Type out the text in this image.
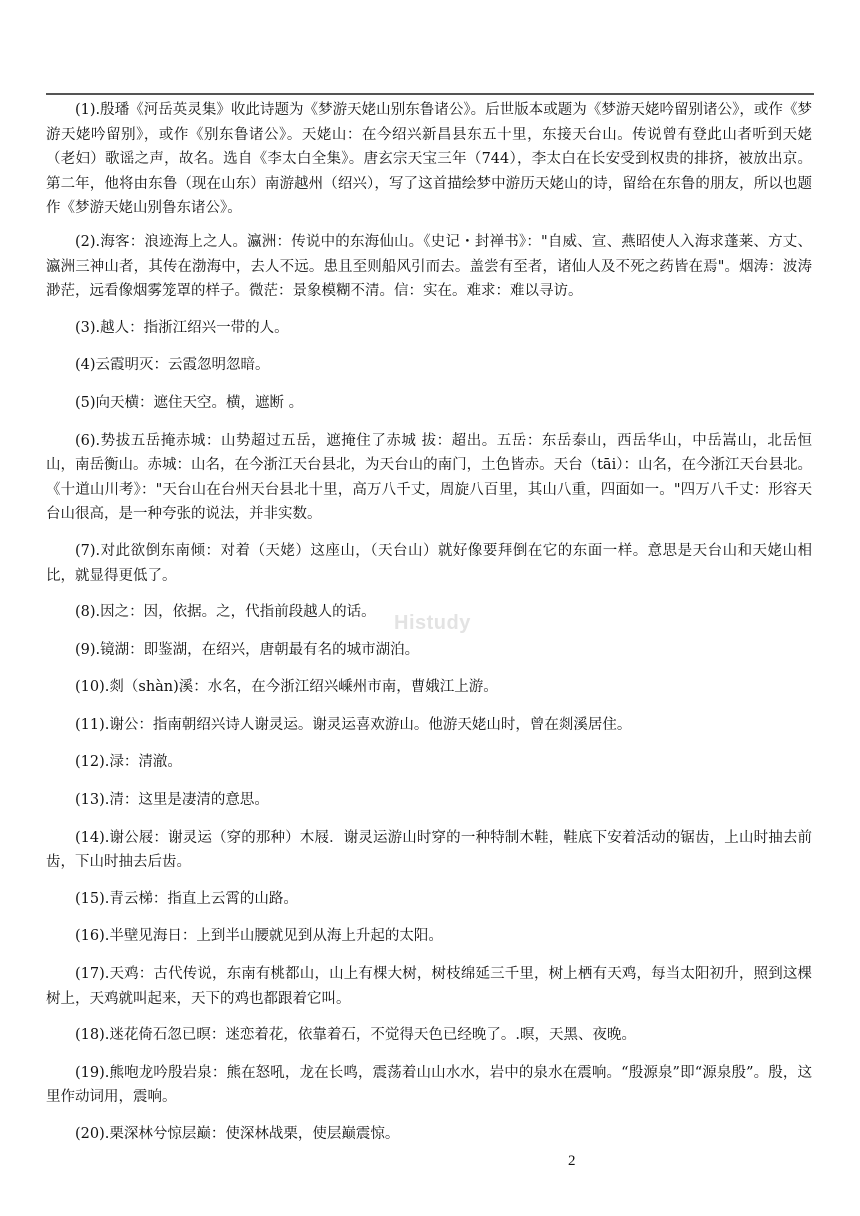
(1).殷璠《河岳英灵集》收此诗题为《梦游天姥山别东鲁诸公》。后世版本或题为《梦游天姥吟留别诸公》，或作《梦游天姥吟留别》，或作《别东鲁诸公》。天姥山：在今绍兴新昌县东五十里，东接天台山。传说曾有登此山者听到天姥（老妇）歌谣之声，故名。选自《李太白全集》。唐玄宗天宝三年（744），李太白在长安受到权贵的排挤，被放出京。第二年，他将由东鲁（现在山东）南游越州（绍兴），写了这首描绘梦中游历天姥山的诗，留给在东鲁的朋友，所以也题作《梦游天姥山别鲁东诸公》。

(2).海客：浪迹海上之人。瀛洲：传说中的东海仙山。《史记・封禅书》："自威、宣、燕昭使人入海求蓬莱、方丈、瀛洲三神山者，其传在渤海中，去人不远。患且至则船风引而去。盖尝有至者，诸仙人及不死之药皆在焉"。烟涛：波涛渺茫，远看像烟雾笼罩的样子。微茫：景象模糊不清。信：实在。难求：难以寻访。

(3).越人：指浙江绍兴一带的人。

(4)云霞明灭：云霞忽明忽暗。

(5)向天横：遮住天空。横，遮断 。

(6).势拔五岳掩赤城：山势超过五岳，遮掩住了赤城 拔：超出。五岳：东岳泰山，西岳华山，中岳嵩山，北岳恒山，南岳衡山。赤城：山名，在今浙江天台县北，为天台山的南门，土色皆赤。天台（tāi）：山名，在今浙江天台县北。《十道山川考》："天台山在台州天台县北十里，高万八千丈，周旋八百里，其山八重，四面如一。"四万八千丈：形容天台山很高，是一种夸张的说法，并非实数。

(7).对此欲倒东南倾：对着（天姥）这座山，（天台山）就好像要拜倒在它的东面一样。意思是天台山和天姥山相比，就显得更低了。

(8).因之：因，依据。之，代指前段越人的话。

(9).镜湖：即鉴湖，在绍兴，唐朝最有名的城市湖泊。

(10).剡（shàn)溪：水名，在今浙江绍兴嵊州市南，曹娥江上游。

(11).谢公：指南朝绍兴诗人谢灵运。谢灵运喜欢游山。他游天姥山时，曾在剡溪居住。

(12).渌：清澈。

(13).清：这里是凄清的意思。

(14).谢公屐：谢灵运（穿的那种）木屐．谢灵运游山时穿的一种特制木鞋，鞋底下安着活动的锯齿，上山时抽去前齿，下山时抽去后齿。

(15).青云梯：指直上云霄的山路。

(16).半壁见海日：上到半山腰就见到从海上升起的太阳。

(17).天鸡：古代传说，东南有桃都山，山上有棵大树，树枝绵延三千里，树上栖有天鸡，每当太阳初升，照到这棵树上，天鸡就叫起来，天下的鸡也都跟着它叫。

(18).迷花倚石忽已暝：迷恋着花，依靠着石，不觉得天色已经晚了。.暝，天黑、夜晚。

(19).熊咆龙吟殷岩泉：熊在怒吼，龙在长鸣，震荡着山山水水，岩中的泉水在震响。“殷源泉”即“源泉殷”。殷，这里作动词用，震响。

(20).栗深林兮惊层巅：使深林战栗，使层巅震惊。

Histudy
2
